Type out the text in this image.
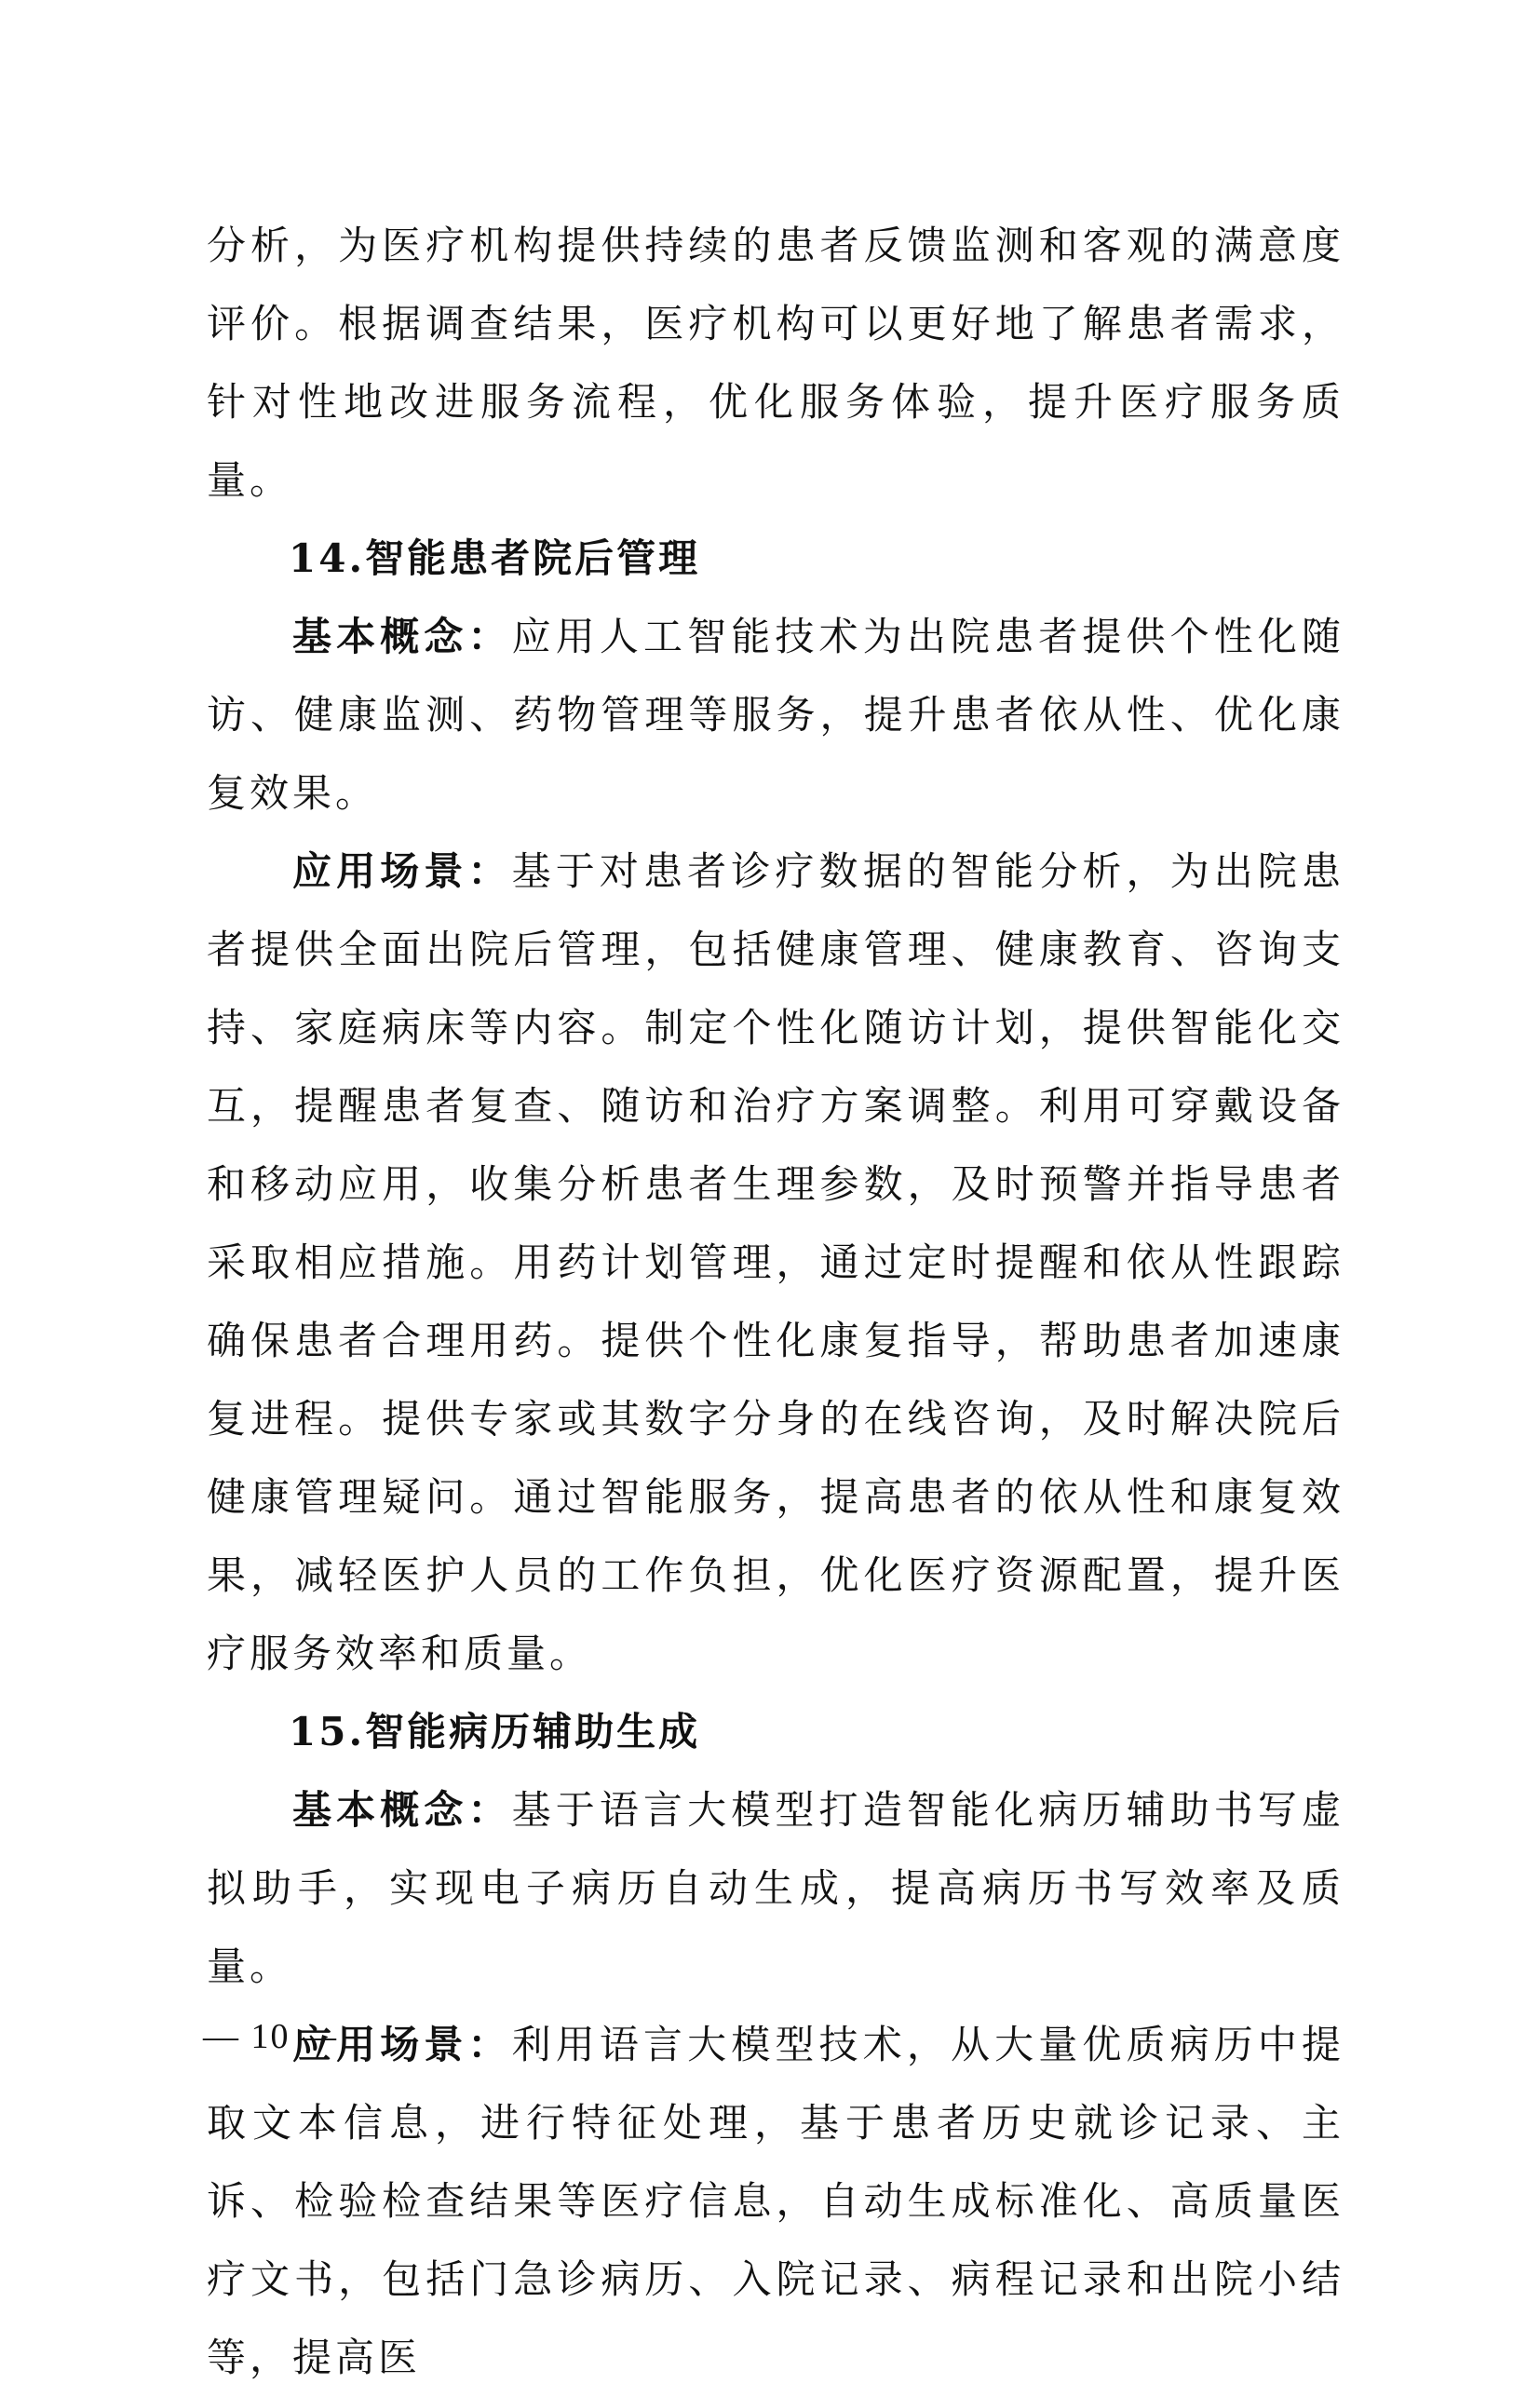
分析，为医疗机构提供持续的患者反馈监测和客观的满意度评价。根据调查结果，医疗机构可以更好地了解患者需求，针对性地改进服务流程，优化服务体验，提升医疗服务质量。

14.智能患者院后管理

基本概念：应用人工智能技术为出院患者提供个性化随访、健康监测、药物管理等服务，提升患者依从性、优化康复效果。

应用场景：基于对患者诊疗数据的智能分析，为出院患者提供全面出院后管理，包括健康管理、健康教育、咨询支持、家庭病床等内容。制定个性化随访计划，提供智能化交互，提醒患者复查、随访和治疗方案调整。利用可穿戴设备和移动应用，收集分析患者生理参数，及时预警并指导患者采取相应措施。用药计划管理，通过定时提醒和依从性跟踪确保患者合理用药。提供个性化康复指导，帮助患者加速康复进程。提供专家或其数字分身的在线咨询，及时解决院后健康管理疑问。通过智能服务，提高患者的依从性和康复效果，减轻医护人员的工作负担，优化医疗资源配置，提升医疗服务效率和质量。

15.智能病历辅助生成

基本概念：基于语言大模型打造智能化病历辅助书写虚拟助手，实现电子病历自动生成，提高病历书写效率及质量。

应用场景：利用语言大模型技术，从大量优质病历中提取文本信息，进行特征处理，基于患者历史就诊记录、主诉、检验检查结果等医疗信息，自动生成标准化、高质量医疗文书，包括门急诊病历、入院记录、病程记录和出院小结等，提高医

— 10 —
